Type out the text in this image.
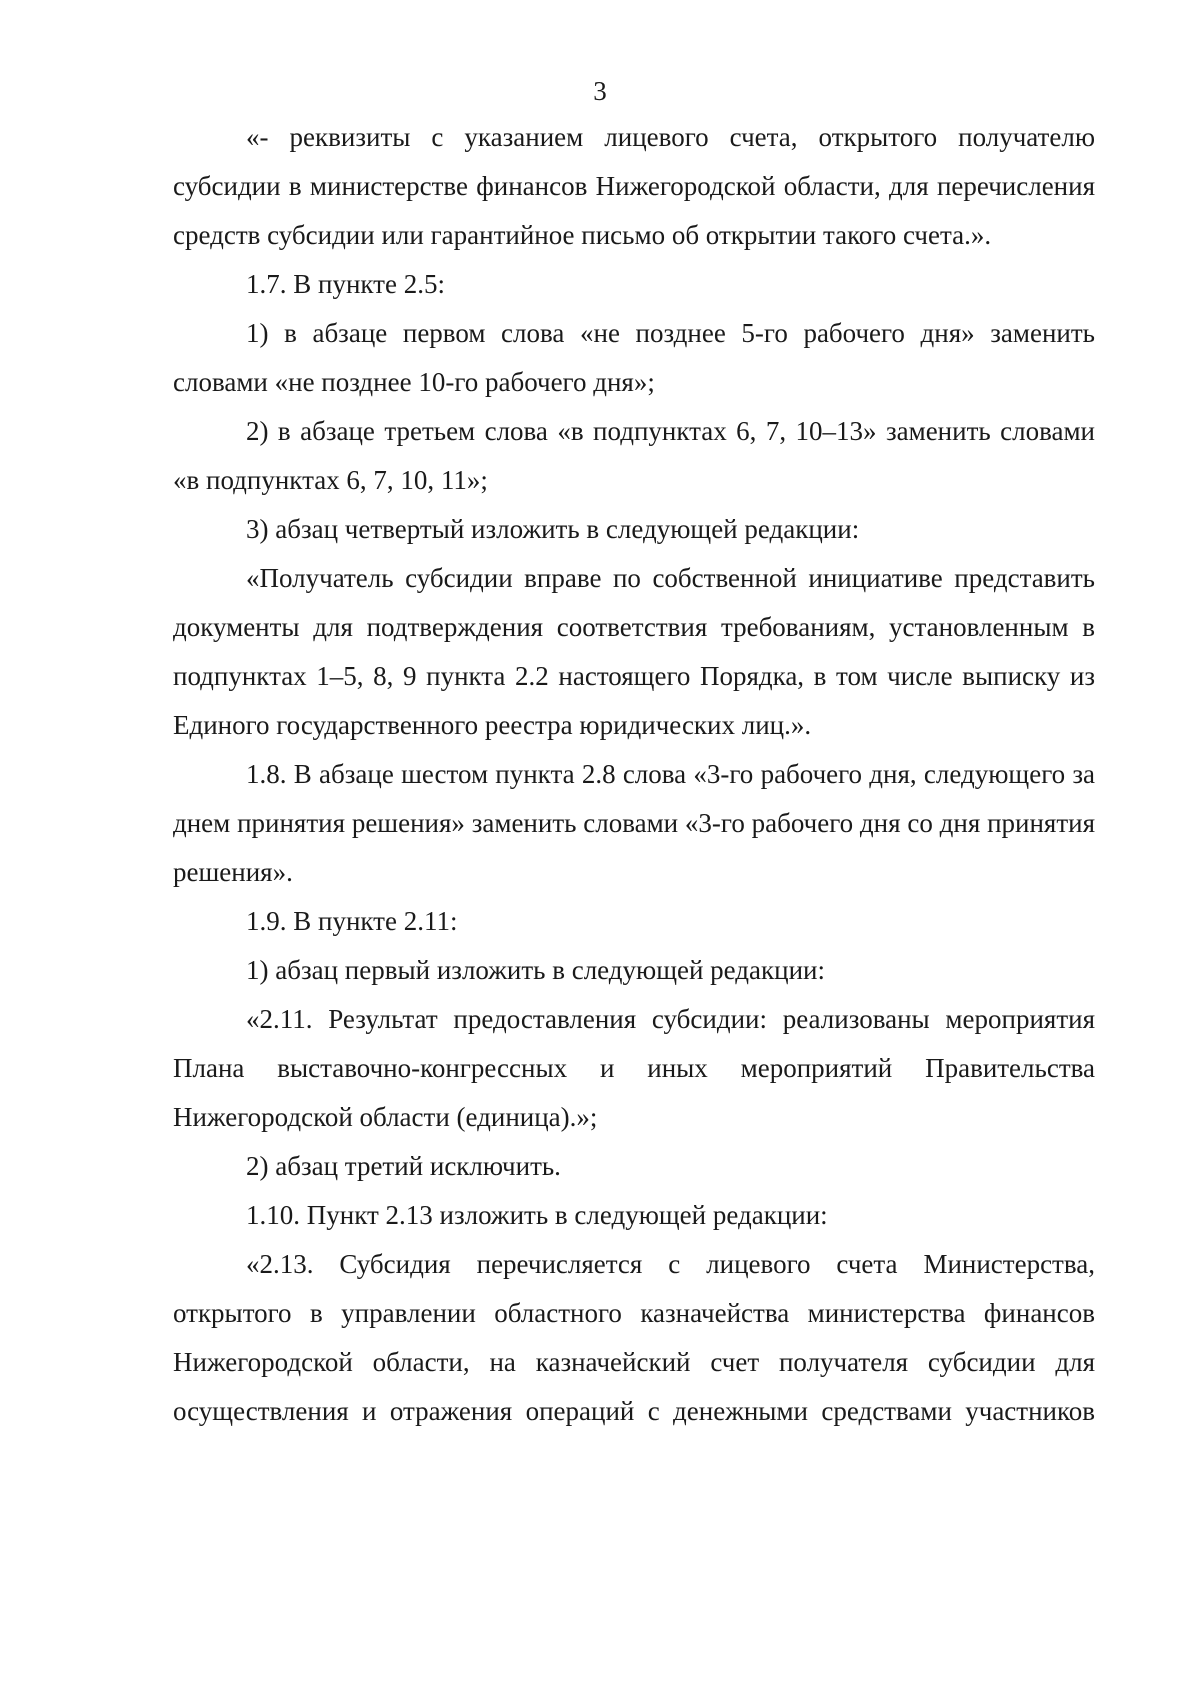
3

«- реквизиты с указанием лицевого счета, открытого получателю субсидии в министерстве финансов Нижегородской области, для перечисления средств субсидии или гарантийное письмо об открытии такого счета.».

1.7. В пункте 2.5:

1) в абзаце первом слова «не позднее 5-го рабочего дня» заменить словами «не позднее 10-го рабочего дня»;

2) в абзаце третьем слова «в подпунктах 6, 7, 10–13» заменить словами «в подпунктах 6, 7, 10, 11»;

3) абзац четвертый изложить в следующей редакции:

«Получатель субсидии вправе по собственной инициативе представить документы для подтверждения соответствия требованиям, установленным в подпунктах 1–5, 8, 9 пункта 2.2 настоящего Порядка, в том числе выписку из Единого государственного реестра юридических лиц.».

1.8. В абзаце шестом пункта 2.8 слова «3-го рабочего дня, следующего за днем принятия решения» заменить словами «3-го рабочего дня со дня принятия решения».

1.9. В пункте 2.11:

1) абзац первый изложить в следующей редакции:

«2.11. Результат предоставления субсидии: реализованы мероприятия Плана выставочно-конгрессных и иных мероприятий Правительства Нижегородской области (единица).»;

2) абзац третий исключить.

1.10. Пункт 2.13 изложить в следующей редакции:

«2.13. Субсидия перечисляется с лицевого счета Министерства, открытого в управлении областного казначейства министерства финансов Нижегородской области, на казначейский счет получателя субсидии для осуществления и отражения операций с денежными средствами участников
